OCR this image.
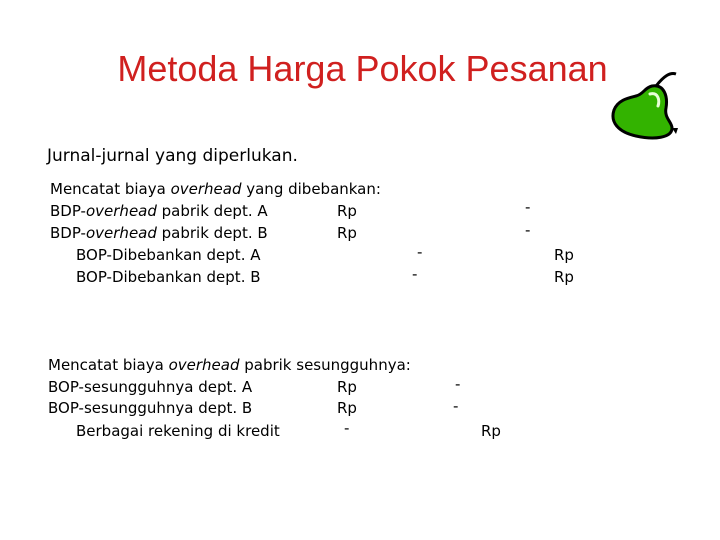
Metoda Harga Pokok Pesanan
Jurnal-jurnal yang diperlukan.
Mencatat biaya overhead yang dibebankan:
BDP-overhead pabrik dept. A	Rp	-
BDP-overhead pabrik dept. B	Rp	-
BOP-Dibebankan dept. A	-	Rp
BOP-Dibebankan dept. B	-	Rp
Mencatat biaya overhead pabrik sesungguhnya:
BOP-sesungguhnya dept. A	Rp	-
BOP-sesungguhnya dept. B	Rp	-
Berbagai rekening di kredit	-	Rp
